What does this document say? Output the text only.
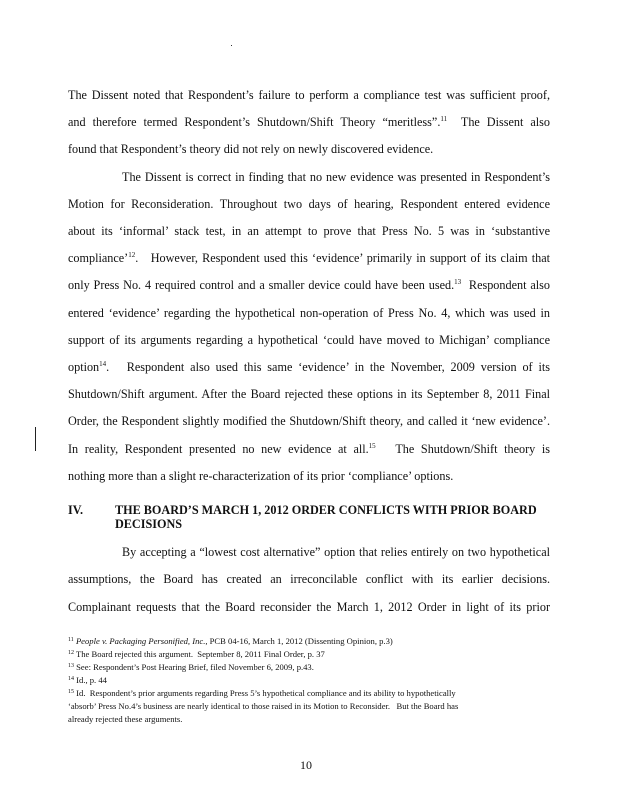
The Dissent noted that Respondent’s failure to perform a compliance test was sufficient proof,
and therefore termed Respondent’s Shutdown/Shift Theory “meritless”.$^{11}$  The Dissent also
found that Respondent’s theory did not rely on newly discovered evidence.
The Dissent is correct in finding that no new evidence was presented in Respondent’s
Motion for Reconsideration. Throughout two days of hearing, Respondent entered evidence
about its ‘informal’ stack test, in an attempt to prove that Press No. 5 was in ‘substantive
compliance’$^{12}$.   However, Respondent used this ‘evidence’ primarily in support of its claim that
only Press No. 4 required control and a smaller device could have been used.$^{13}$  Respondent also
entered ‘evidence’ regarding the hypothetical non-operation of Press No. 4, which was used in
support of its arguments regarding a hypothetical ‘could have moved to Michigan’ compliance
option$^{14}$.   Respondent also used this same ‘evidence’ in the November, 2009 version of its
Shutdown/Shift argument. After the Board rejected these options in its September 8, 2011 Final
Order, the Respondent slightly modified the Shutdown/Shift theory, and called it ‘new evidence’.
In reality, Respondent presented no new evidence at all.$^{15}$   The Shutdown/Shift theory is
nothing more than a slight re-characterization of its prior ‘compliance’ options.
IV.	THE BOARD’S MARCH 1, 2012 ORDER CONFLICTS WITH PRIOR BOARD DECISIONS
By accepting a “lowest cost alternative” option that relies entirely on two hypothetical
assumptions, the Board has created an irreconcilable conflict with its earlier decisions.
Complainant requests that the Board reconsider the March 1, 2012 Order in light of its prior
$^{11}$ People v. Packaging Personified, Inc., PCB 04-16, March 1, 2012 (Dissenting Opinion, p.3)
$^{12}$ The Board rejected this argument.  September 8, 2011 Final Order, p. 37
$^{13}$ See: Respondent’s Post Hearing Brief, filed November 6, 2009, p.43.
$^{14}$ Id., p. 44
$^{15}$ Id.  Respondent’s prior arguments regarding Press 5’s hypothetical compliance and its ability to hypothetically
‘absorb’ Press No.4’s business are nearly identical to those raised in its Motion to Reconsider.   But the Board has
already rejected these arguments.
10
